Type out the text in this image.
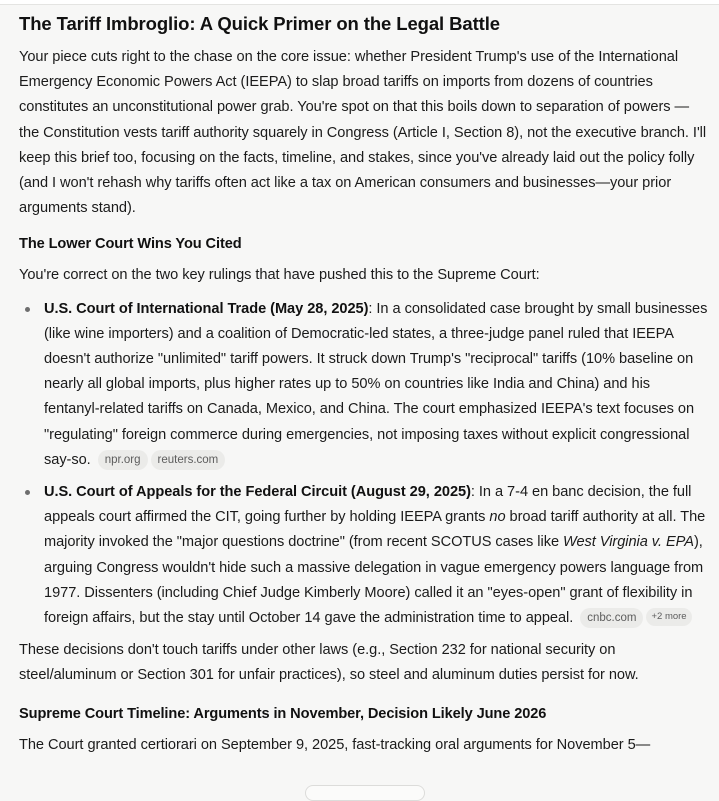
The Tariff Imbroglio: A Quick Primer on the Legal Battle

Your piece cuts right to the chase on the core issue: whether President Trump's use of the International Emergency Economic Powers Act (IEEPA) to slap broad tariffs on imports from dozens of countries constitutes an unconstitutional power grab. You're spot on that this boils down to separation of powers —the Constitution vests tariff authority squarely in Congress (Article I, Section 8), not the executive branch. I'll keep this brief too, focusing on the facts, timeline, and stakes, since you've already laid out the policy folly (and I won't rehash why tariffs often act like a tax on American consumers and businesses—your prior arguments stand).

The Lower Court Wins You Cited

You're correct on the two key rulings that have pushed this to the Supreme Court:

U.S. Court of International Trade (May 28, 2025): In a consolidated case brought by small businesses (like wine importers) and a coalition of Democratic-led states, a three-judge panel ruled that IEEPA doesn't authorize "unlimited" tariff powers. It struck down Trump's "reciprocal" tariffs (10% baseline on nearly all global imports, plus higher rates up to 50% on countries like India and China) and his fentanyl-related tariffs on Canada, Mexico, and China. The court emphasized IEEPA's text focuses on "regulating" foreign commerce during emergencies, not imposing taxes without explicit congressional say-so. npr.org reuters.com
U.S. Court of Appeals for the Federal Circuit (August 29, 2025): In a 7-4 en banc decision, the full appeals court affirmed the CIT, going further by holding IEEPA grants no broad tariff authority at all. The majority invoked the "major questions doctrine" (from recent SCOTUS cases like West Virginia v. EPA), arguing Congress wouldn't hide such a massive delegation in vague emergency powers language from 1977. Dissenters (including Chief Judge Kimberly Moore) called it an "eyes-open" grant of flexibility in foreign affairs, but the stay until October 14 gave the administration time to appeal. cnbc.com +2 more

These decisions don't touch tariffs under other laws (e.g., Section 232 for national security on steel/aluminum or Section 301 for unfair practices), so steel and aluminum duties persist for now.

Supreme Court Timeline: Arguments in November, Decision Likely June 2026

The Court granted certiorari on September 9, 2025, fast-tracking oral arguments for November 5—
